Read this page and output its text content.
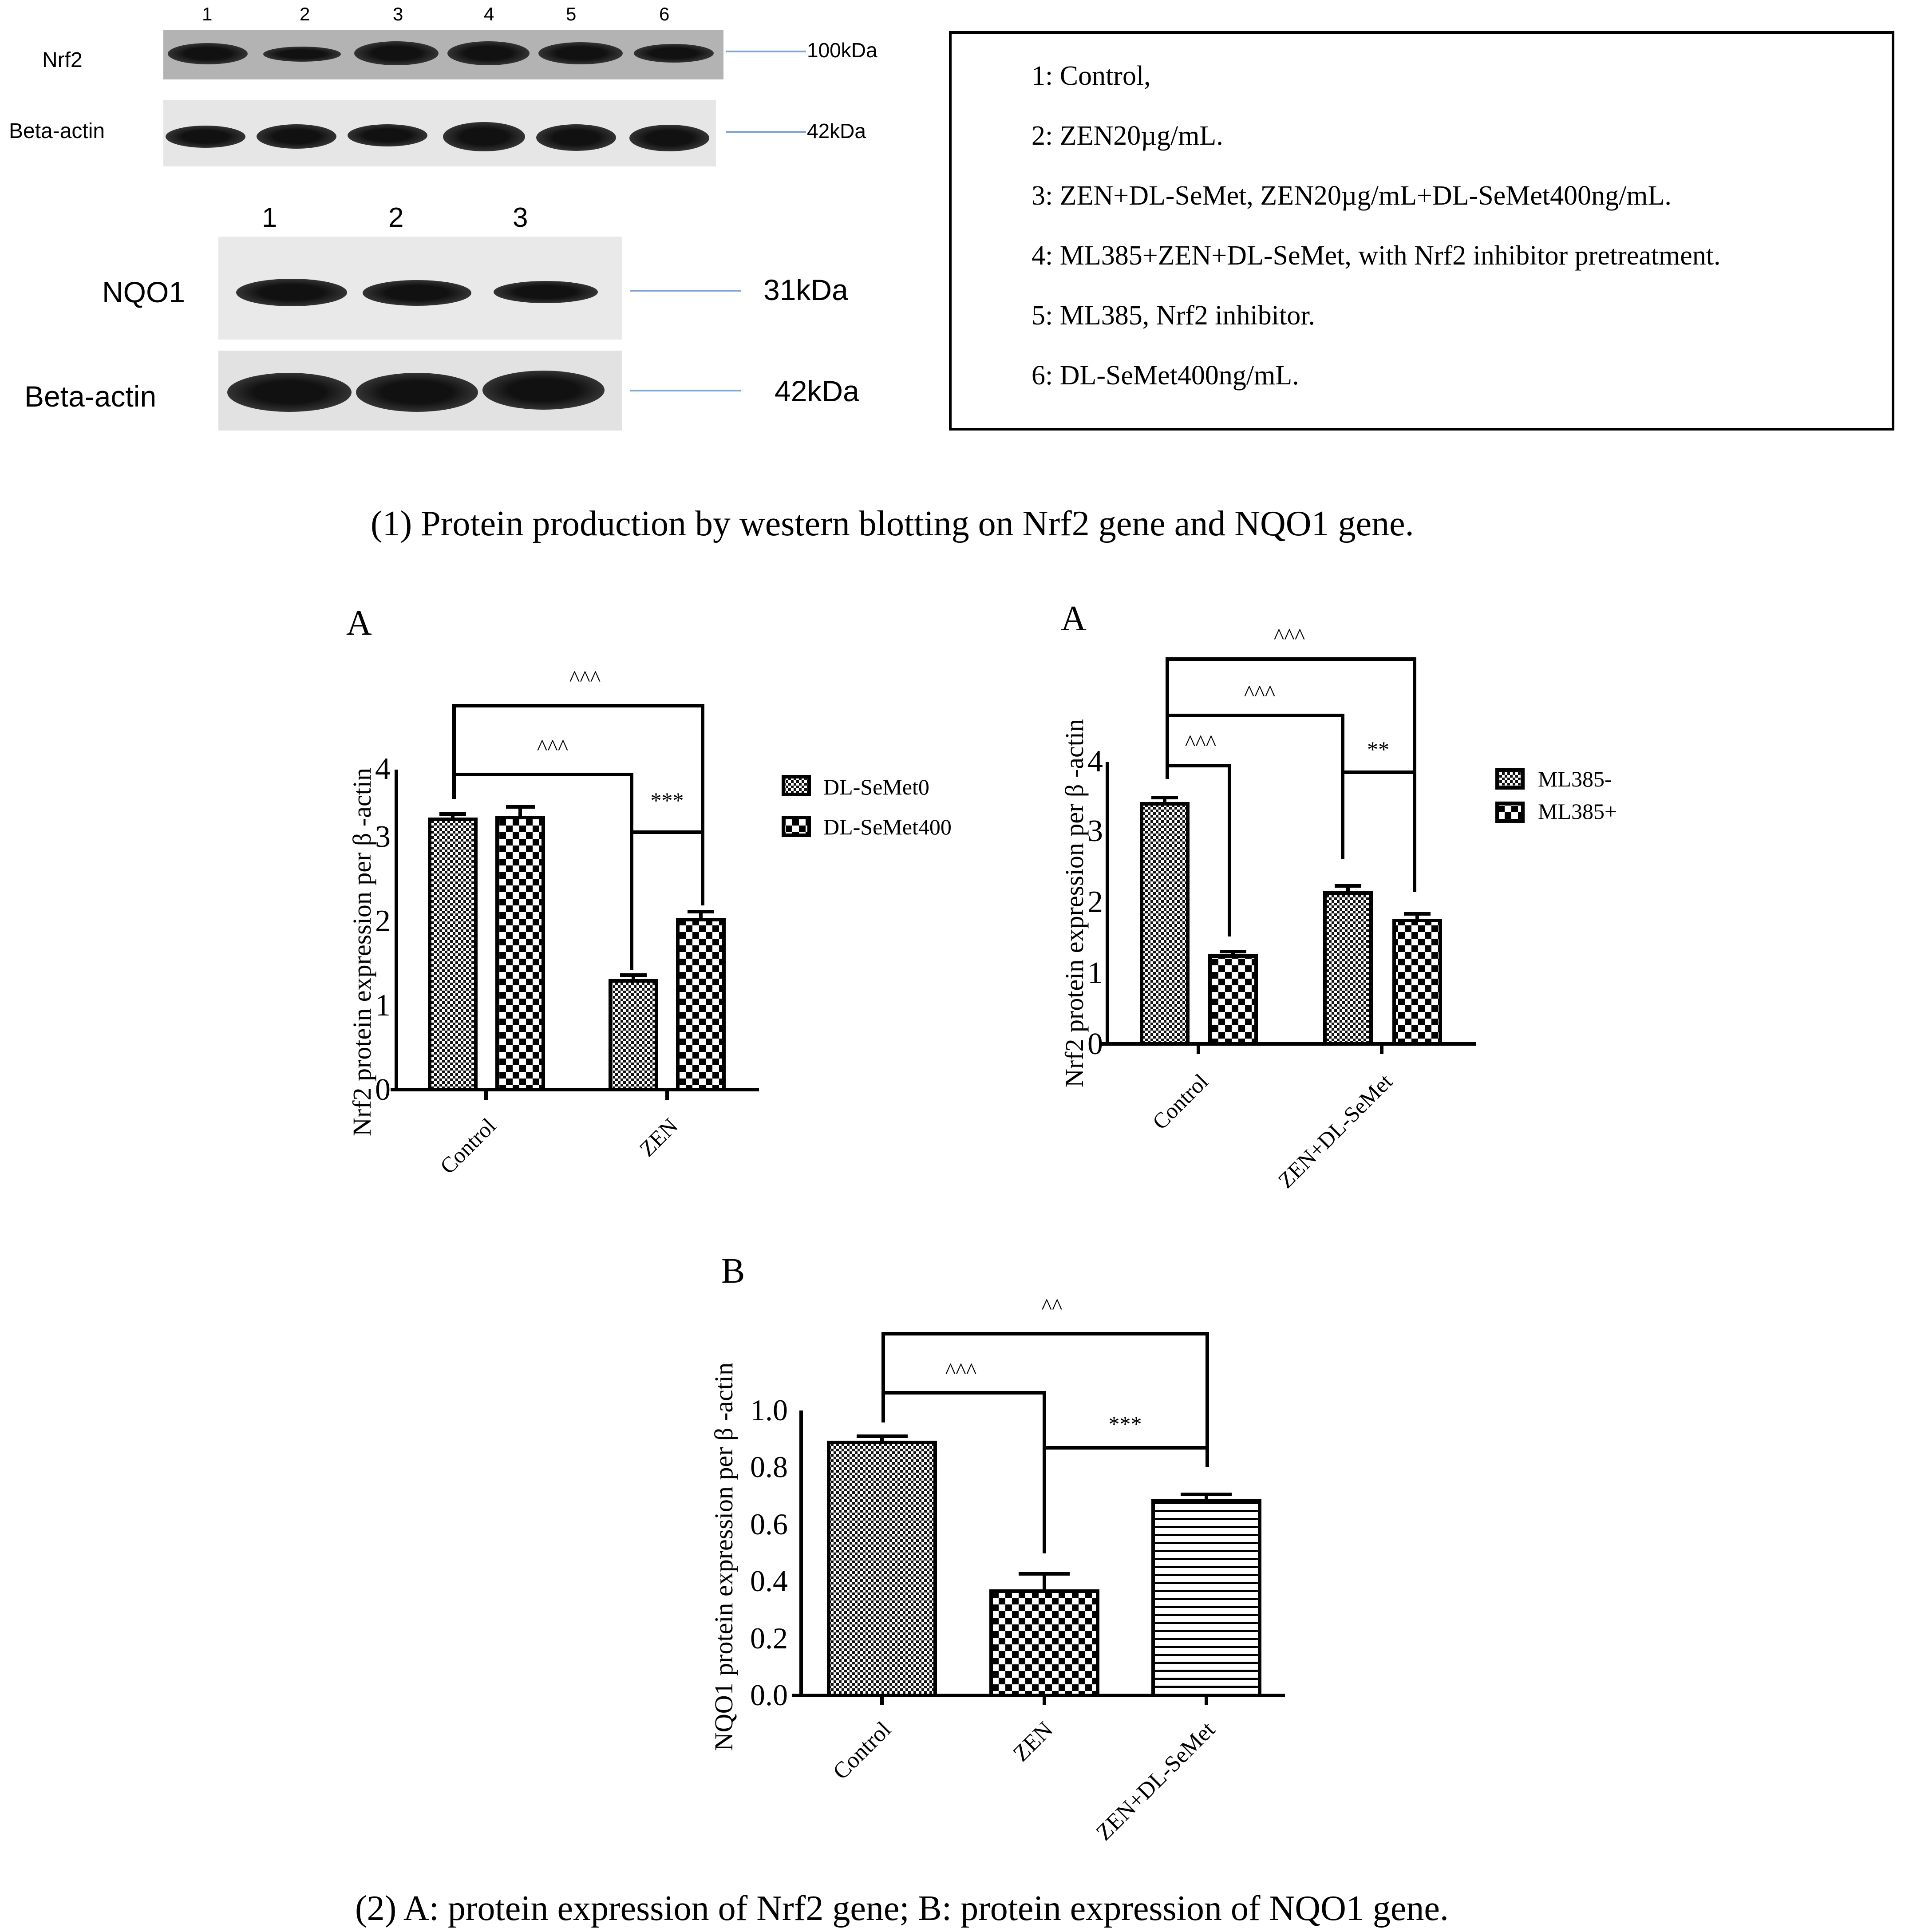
1	2	3	4	5	6
Nrf2	100kDa
Beta-actin	42kDa
1	2	3
NQO1	31kDa
Beta-actin	42kDa
1: Control,
2: ZEN20µg/mL.
3: ZEN+DL-SeMet, ZEN20µg/mL+DL-SeMet400ng/mL.
4: ML385+ZEN+DL-SeMet, with Nrf2 inhibitor pretreatment.
5: ML385, Nrf2 inhibitor.
6: DL-SeMet400ng/mL.
(1) Protein production by western blotting on Nrf2 gene and NQO1 gene.
A
0
1
2
3
4
^^^
^^^
***
Control	ZEN
Nrf2 protein expression per β -actin	DL-SeMet0
DL-SeMet400
A
0
1
2
3
4
^^^
^^^
^^^	**
Control	ZEN+DL-SeMet
Nrf2 protein expression per β -actin	ML385-
ML385+
B
0.0
0.2
0.4
0.6
0.8
1.0
^^
^^^
***
Control	ZEN ZEN+DL-SeMet
NQO1 protein expression per β -actin
(2) A: protein expression of Nrf2 gene; B: protein expression of NQO1 gene.
